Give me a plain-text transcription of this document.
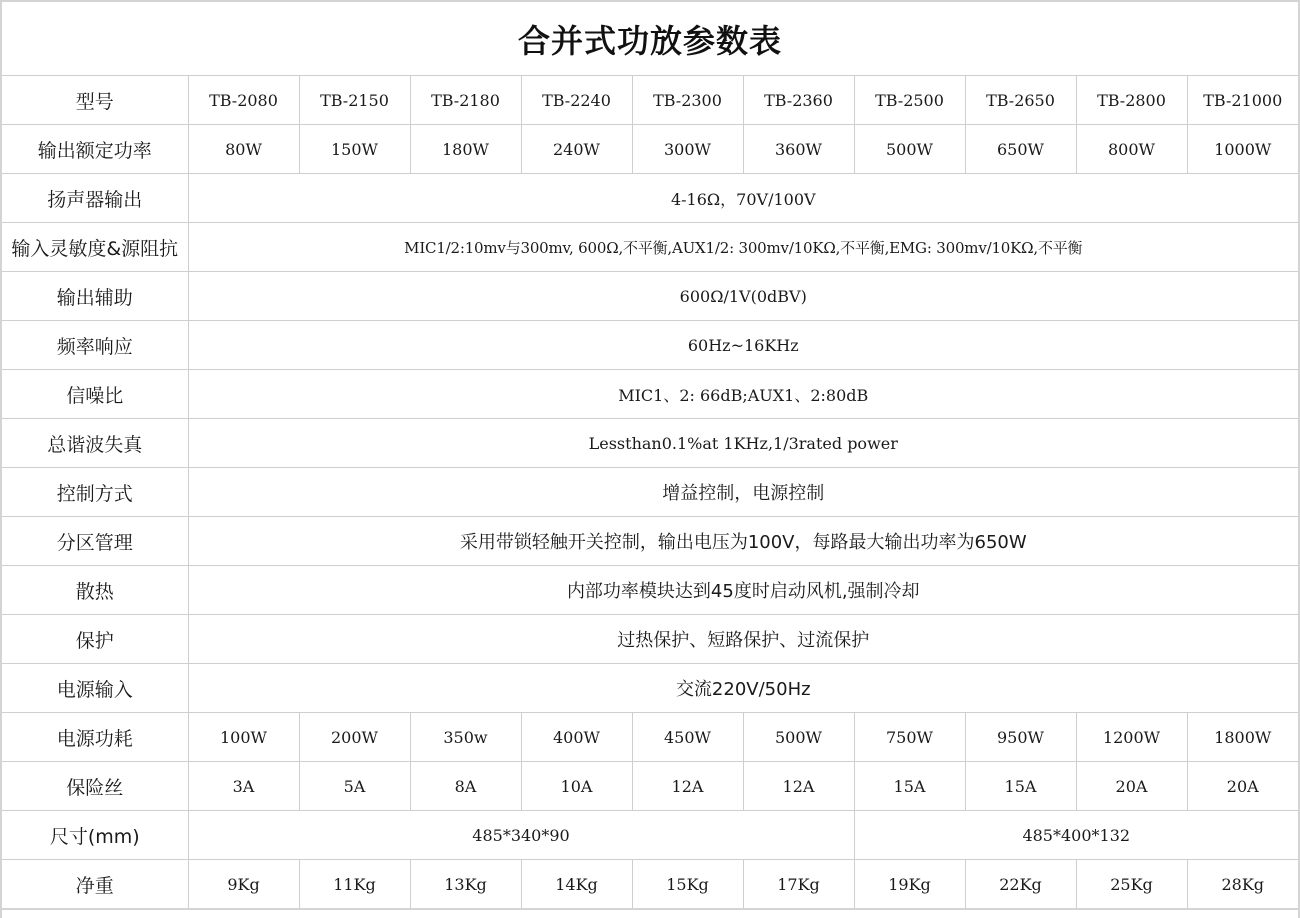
合并式功放参数表
型号	TB-2080	TB-2150	TB-2180	TB-2240	TB-2300	TB-2360	TB-2500	TB-2650	TB-2800	TB-21000
输出额定功率	80W	150W	180W	240W	300W	360W	500W	650W	800W	1000W
扬声器输出	4-16Ω，70V/100V									
输入灵敏度&源阻抗	MIC1/2:10mv与300mv, 600Ω,不平衡,AUX1/2: 300mv/10KΩ,不平衡,EMG: 300mv/10KΩ,不平衡									
输出辅助	600Ω/1V(0dBV)									
频率响应	60Hz~16KHz									
信噪比	MIC1、2: 66dB;AUX1、2:80dB									
总谐波失真	Lessthan0.1%at 1KHz,1/3rated power									
控制方式	增益控制，电源控制									
分区管理	采用带锁轻触开关控制，输出电压为100V，每路最大输出功率为650W									
散热	内部功率模块达到45度时启动风机,强制冷却									
保护	过热保护、短路保护、过流保护									
电源输入	交流220V/50Hz									
电源功耗	100W	200W	350w	400W	450W	500W	750W	950W	1200W	1800W
保险丝	3A	5A	8A	10A	12A	12A	15A	15A	20A	20A
尺寸(mm)	485*340*90						485*400*132			
净重	9Kg	11Kg	13Kg	14Kg	15Kg	17Kg	19Kg	22Kg	25Kg	28Kg
